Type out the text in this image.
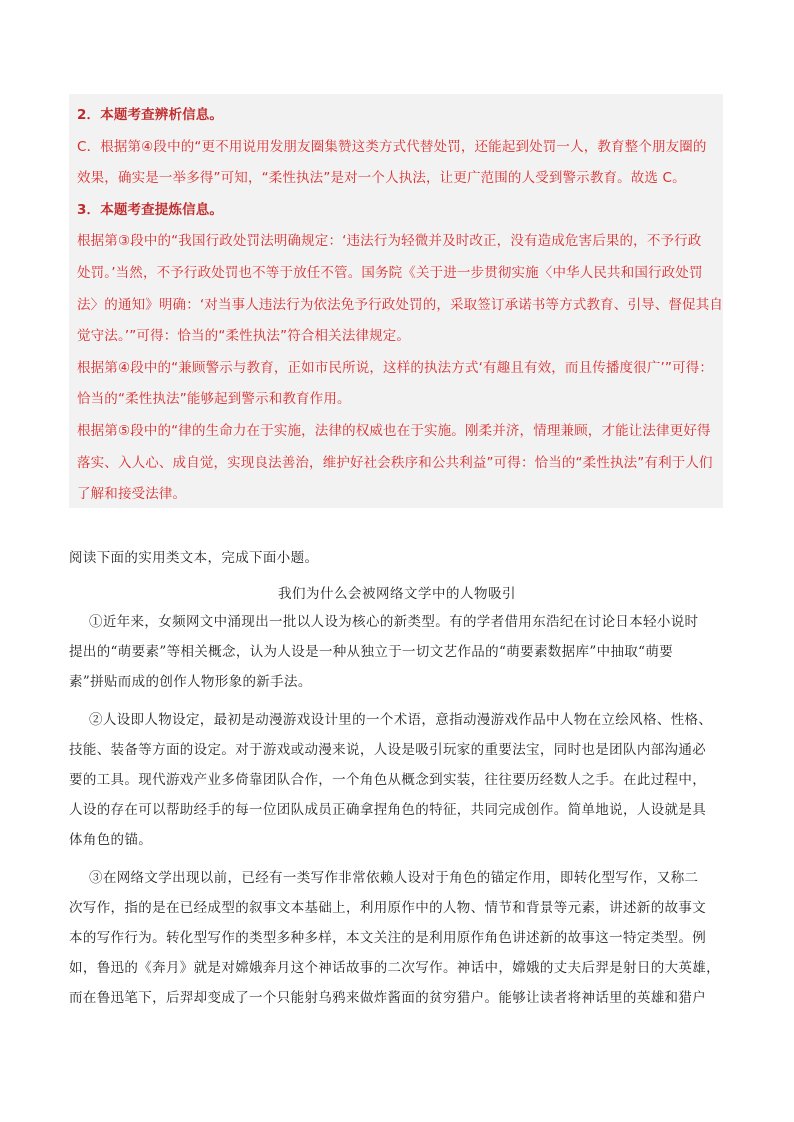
2．本题考查辨析信息。
C．根据第④段中的“更不用说用发朋友圈集赞这类方式代替处罚，还能起到处罚一人，教育整个朋友圈的
效果，确实是一举多得”可知，“柔性执法”是对一个人执法，让更广范围的人受到警示教育。故选 C。
3．本题考查提炼信息。
根据第③段中的“我国行政处罚法明确规定：‘违法行为轻微并及时改正，没有造成危害后果的，不予行政
处罚。’当然，不予行政处罚也不等于放任不管。国务院《关于进一步贯彻实施〈中华人民共和国行政处罚
法〉的通知》明确：‘对当事人违法行为依法免予行政处罚的，采取签订承诺书等方式教育、引导、督促其自
觉守法。’”可得：恰当的“柔性执法”符合相关法律规定。
根据第④段中的“兼顾警示与教育，正如市民所说，这样的执法方式‘有趣且有效，而且传播度很广’”可得：
恰当的“柔性执法”能够起到警示和教育作用。
根据第⑤段中的“律的生命力在于实施，法律的权威也在于实施。刚柔并济，情理兼顾，才能让法律更好得
落实、入人心、成自觉，实现良法善治，维护好社会秩序和公共利益”可得：恰当的“柔性执法”有利于人们
了解和接受法律。
阅读下面的实用类文本，完成下面小题。
我们为什么会被网络文学中的人物吸引
①近年来，女频网文中涌现出一批以人设为核心的新类型。有的学者借用东浩纪在讨论日本轻小说时
提出的“萌要素”等相关概念，认为人设是一种从独立于一切文艺作品的“萌要素数据库”中抽取“萌要
素”拼贴而成的创作人物形象的新手法。
②人设即人物设定，最初是动漫游戏设计里的一个术语，意指动漫游戏作品中人物在立绘风格、性格、
技能、装备等方面的设定。对于游戏或动漫来说，人设是吸引玩家的重要法宝，同时也是团队内部沟通必
要的工具。现代游戏产业多倚靠团队合作，一个角色从概念到实装，往往要历经数人之手。在此过程中，
人设的存在可以帮助经手的每一位团队成员正确拿捏角色的特征，共同完成创作。简单地说，人设就是具
体角色的锚。
③在网络文学出现以前，已经有一类写作非常依赖人设对于角色的锚定作用，即转化型写作，又称二
次写作，指的是在已经成型的叙事文本基础上，利用原作中的人物、情节和背景等元素，讲述新的故事文
本的写作行为。转化型写作的类型多种多样，本文关注的是利用原作角色讲述新的故事这一特定类型。例
如，鲁迅的《奔月》就是对嫦娥奔月这个神话故事的二次写作。神话中，嫦娥的丈夫后羿是射日的大英雄，
而在鲁迅笔下，后羿却变成了一个只能射乌鸦来做炸酱面的贫穷猎户。能够让读者将神话里的英雄和猎户
